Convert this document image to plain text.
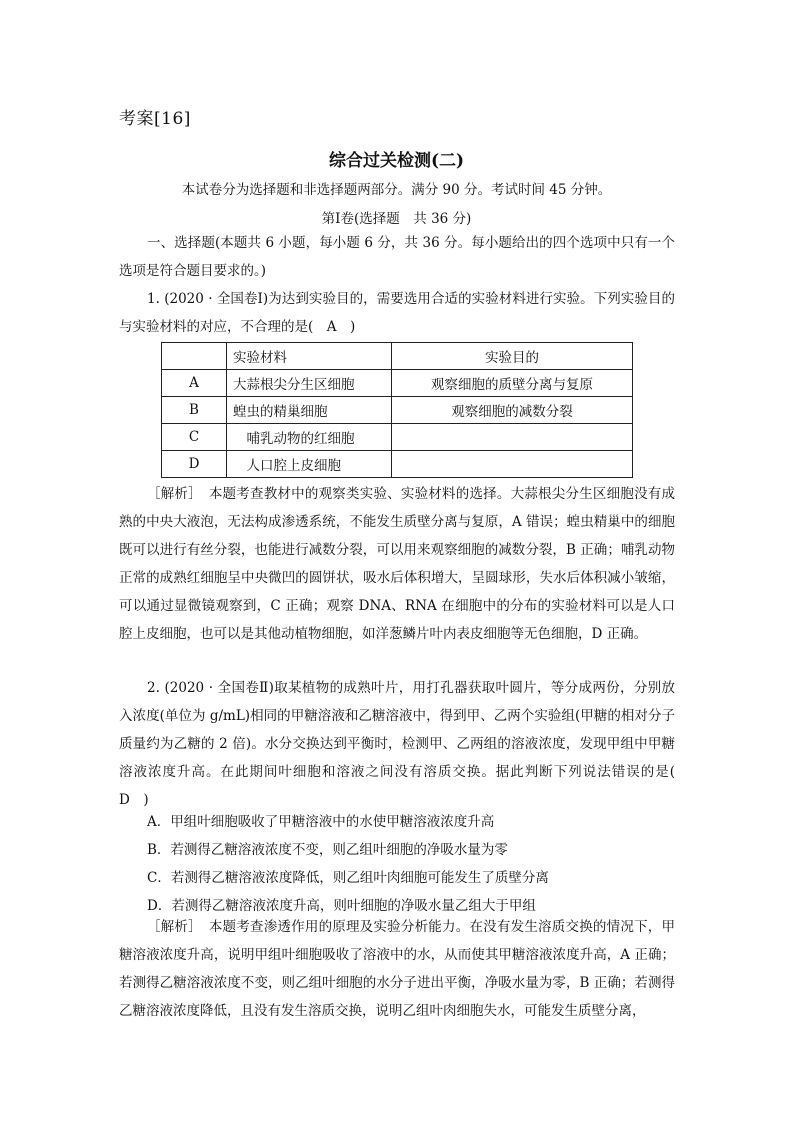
考案[16]
综合过关检测(二)
本试卷分为选择题和非选择题两部分。满分 90 分。考试时间 45 分钟。
第Ⅰ卷(选择题　共 36 分)
一、选择题(本题共 6 小题，每小题 6 分，共 36 分。每小题给出的四个选项中只有一个选项是符合题目要求的。)
1. (2020 · 全国卷Ⅰ)为达到实验目的，需要选用合适的实验材料进行实验。下列实验目的与实验材料的对应，不合理的是(　A　)
	实验材料	实验目的
A	大蒜根尖分生区细胞	观察细胞的质壁分离与复原
B	蝗虫的精巢细胞	观察细胞的减数分裂
C	　哺乳动物的红细胞	
D	　人口腔上皮细胞	
［解析］　本题考查教材中的观察类实验、实验材料的选择。大蒜根尖分生区细胞没有成熟的中央大液泡，无法构成渗透系统，不能发生质壁分离与复原，A 错误；蝗虫精巢中的细胞既可以进行有丝分裂，也能进行减数分裂，可以用来观察细胞的减数分裂，B 正确；哺乳动物正常的成熟红细胞呈中央微凹的圆饼状，吸水后体积增大，呈圆球形，失水后体积减小皱缩，可以通过显微镜观察到，C 正确；观察 DNA、RNA 在细胞中的分布的实验材料可以是人口腔上皮细胞，也可以是其他动植物细胞，如洋葱鳞片叶内表皮细胞等无色细胞，D 正确。
2. (2020 · 全国卷Ⅱ)取某植物的成熟叶片，用打孔器获取叶圆片，等分成两份，分别放入浓度(单位为 g/mL)相同的甲糖溶液和乙糖溶液中，得到甲、乙两个实验组(甲糖的相对分子质量约为乙糖的 2 倍)。水分交换达到平衡时，检测甲、乙两组的溶液浓度，发现甲组中甲糖溶液浓度升高。在此期间叶细胞和溶液之间没有溶质交换。据此判断下列说法错误的是(　D　)
A．甲组叶细胞吸收了甲糖溶液中的水使甲糖溶液浓度升高
B．若测得乙糖溶液浓度不变，则乙组叶细胞的净吸水量为零
C．若测得乙糖溶液浓度降低，则乙组叶肉细胞可能发生了质壁分离
D．若测得乙糖溶液浓度升高，则叶细胞的净吸水量乙组大于甲组
［解析］　本题考查渗透作用的原理及实验分析能力。在没有发生溶质交换的情况下，甲糖溶液浓度升高，说明甲组叶细胞吸收了溶液中的水，从而使其甲糖溶液浓度升高，A 正确；若测得乙糖溶液浓度不变，则乙组叶细胞的水分子进出平衡，净吸水量为零，B 正确；若测得乙糖溶液浓度降低，且没有发生溶质交换，说明乙组叶肉细胞失水，可能发生质壁分离，
